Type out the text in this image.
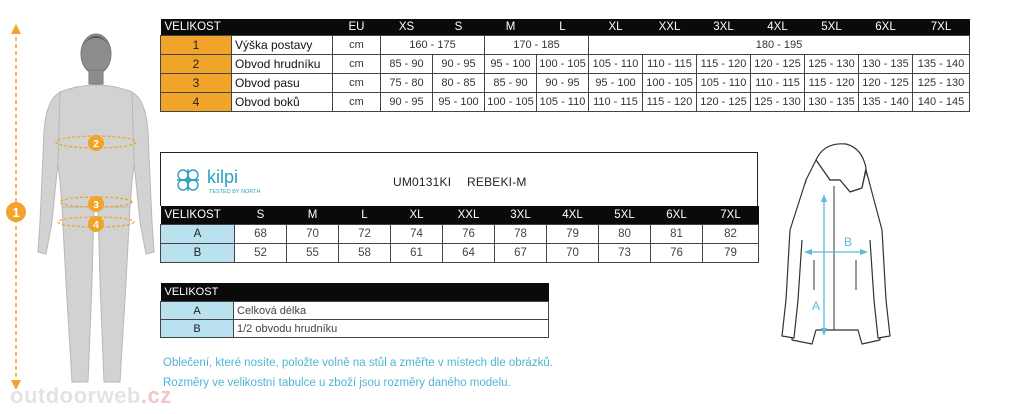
1
2
3
4
VELIKOST		EU	XS	S	M	L	XL	XXL	3XL	4XL	5XL	6XL	7XL
1	Výška postavy	cm	160 - 175		170 - 185		180 - 195						
2	Obvod hrudníku	cm	85 - 90	90 - 95	95 - 100	100 - 105	105 - 110	110 - 115	115 - 120	120 - 125	125 - 130	130 - 135	135 - 140
3	Obvod pasu	cm	75 - 80	80 - 85	85 - 90	90 - 95	95 - 100	100 - 105	105 - 110	110 - 115	115 - 120	120 - 125	125 - 130
4	Obvod boků	cm	90 - 95	95 - 100	100 - 105	105 - 110	110 - 115	115 - 120	120 - 125	125 - 130	130 - 135	135 - 140	140 - 145
kilpi
TESTED BY NORTH
UM0131KI REBEKI-M
VELIKOST	S	M	L	XL	XXL	3XL	4XL	5XL	6XL	7XL
A	68	70	72	74	76	78	79	80	81	82
B	52	55	58	61	64	67	70	73	76	79
VELIKOST	
A	Celková délka
B	1/2 obvodu hrudníku
Oblečení, které nosíte, položte volně na stůl a změřte v místech dle obrázků.
Rozměry ve velikostní tabulce u zboží jsou rozměry daného modelu.
A
B
outdoorweb.cz
